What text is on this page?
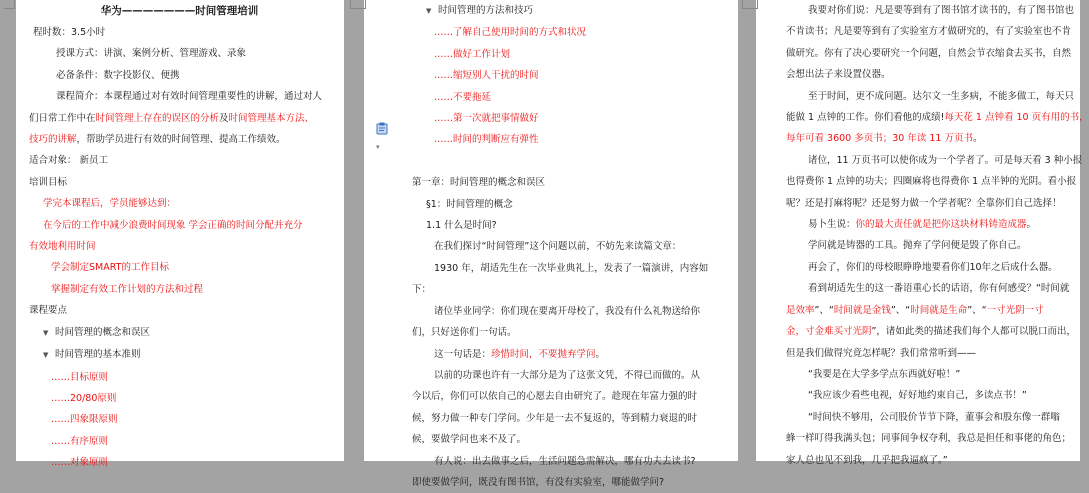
华为———————时间管理培训
程时数：3.5小时
授课方式：讲演、案例分析、管理游戏、录象
必备条件：数字投影仪、便携
课程简介：本课程通过对有效时间管理重要性的讲解，通过对人
们日常工作中在时间管理上存在的误区的分析及时间管理基本方法、
技巧的讲解，帮助学员进行有效的时间管理、提高工作绩效。
适合对象： 新员工
培训目标
学完本课程后，学员能够达到：
在今后的工作中减少浪费时间现象 学会正确的时间分配并充分
有效地利用时间
学会制定SMART的工作目标
掌握制定有效工作计划的方法和过程
课程要点
▼ 时间管理的概念和误区
▼ 时间管理的基本准则
……目标原则
……20/80原则
……四象限原则
……有序原则
……对象原则
▼ 时间管理的方法和技巧
……了解自己使用时间的方式和状况
……做好工作计划
……缩短别人干扰的时间
……不要拖延
……第一次就把事情做好
……时间的判断应有弹性

第一章：时间管理的概念和误区
§1：时间管理的概念
1.1 什么是时间?
在我们探讨“时间管理”这个问题以前，不妨先来读篇文章：
1930 年，胡适先生在一次毕业典礼上，发表了一篇演讲，内容如
下：
诸位毕业同学：你们现在要离开母校了，我没有什么礼物送给你
们，只好送你们一句话。
这一句话是：珍惜时间，不要抛弃学问。
以前的功课也许有一大部分是为了这张文凭，不得已而做的。从
今以后，你们可以依自己的心愿去自由研究了。趁现在年富力强的时
候，努力做一种专门学问。少年是一去不复返的，等到精力衰退的时
候，要做学问也来不及了。
有人说：出去做事之后，生活问题急需解决，哪有功夫去读书?
即使要做学问，既没有图书馆，有没有实验室，哪能做学问?
我要对你们说：凡是要等到有了图书馆才读书的，有了图书馆也
不肯读书；凡是要等到有了实验室方才做研究的，有了实验室也不肯
做研究。你有了决心要研究一个问题，自然会节衣缩食去买书，自然
会想出法子来设置仪器。
至于时间，更不成问题。达尔文一生多病，不能多做工，每天只
能做 1 点钟的工作。你们看他的成绩!每天花 1 点钟看 10 页有用的书，
每年可看 3600 多页书；30 年读 11 万页书。
诸位，11 万页书可以使你成为一个学者了。可是每天看 3 种小报
也得费你 1 点钟的功夫；四圈麻将也得费你 1 点半钟的光阴。看小报
呢？还是打麻将呢？还是努力做一个学者呢？全靠你们自己选择！
易卜生说：你的最大责任就是把你这块材料铸造成器。
学问就是铸器的工具。抛弃了学问便是毁了你自己。
再会了，你们的母校眼睁睁地要看你们10年之后成什么器。
看到胡适先生的这一番语重心长的话语，你有何感受？“时间就
是效率”、“时间就是金钱”、“时间就是生命”、“一寸光阴一寸
金，寸金难买寸光阴”，诸如此类的描述我们每个人都可以脱口而出，
但是我们做得究竟怎样呢？我们常常听到——
“我要是在大学多学点东西就好啦！”
“我应该少看些电视，好好地约束自己，多读点书！”
“时间快不够用，公司股价节节下降，董事会和股东像一群嗡
蜂一样叮得我满头包；同事间争权夺利，我总是担任和事佬的角色；
家人总也见不到我，几乎把我逼疯了。”
▾
